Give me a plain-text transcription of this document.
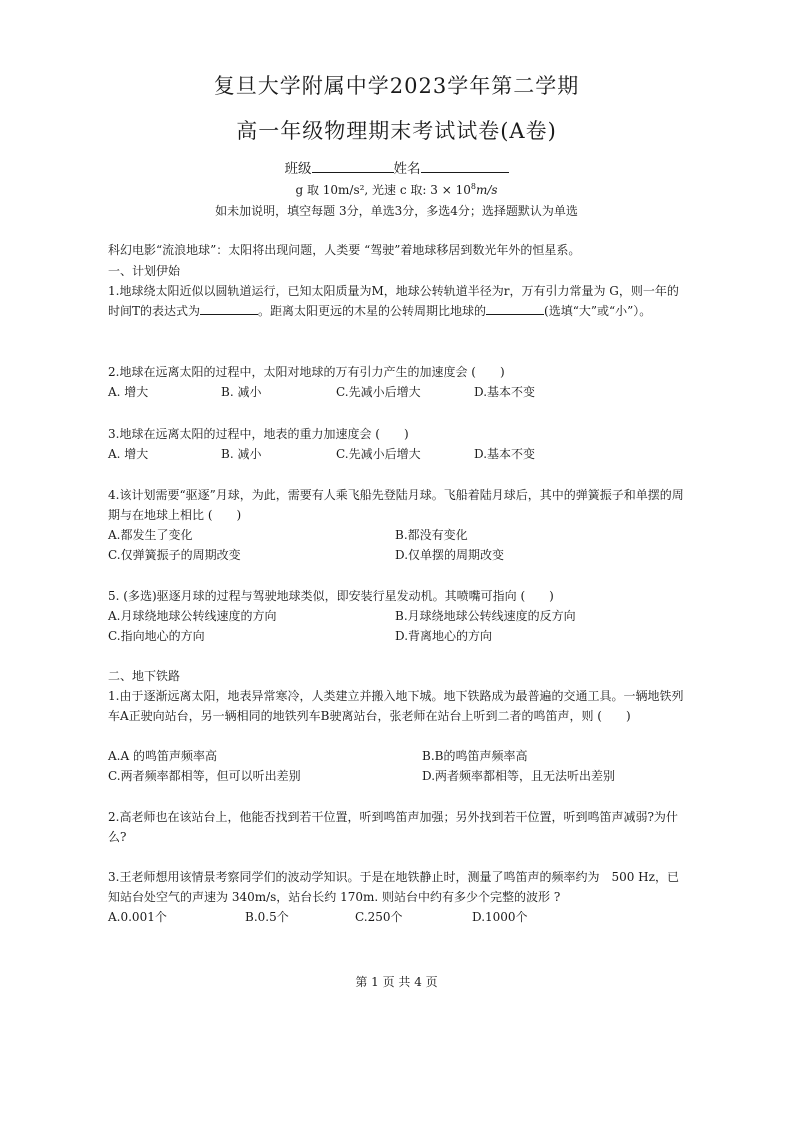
复旦大学附属中学2023学年第二学期
高一年级物理期末考试试卷(A卷)
班级	姓名
g 取 10m/s², 光速 c 取: $3 \times 10^8m/s$
如未加说明，填空每题 3分，单选3分，多选4分；选择题默认为单选
科幻电影“流浪地球”：太阳将出现问题，人类要 “驾驶”着地球移居到数光年外的恒星系。
一、计划伊始
1.地球绕太阳近似以圆轨道运行，已知太阳质量为M，地球公转轨道半径为r，万有引力常量为 G，则一年的时间T的表达式为	。距离太阳更远的木星的公转周期比地球的	(选填“大”或“小”）。
2.地球在远离太阳的过程中，太阳对地球的万有引力产生的加速度会 (　　)
A. 增大	B. 减小	C.先减小后增大	D.基本不变
3.地球在远离太阳的过程中，地表的重力加速度会 (　　)
A. 增大	B. 减小	C.先减小后增大	D.基本不变
4.该计划需要“驱逐”月球，为此，需要有人乘飞船先登陆月球。飞船着陆月球后，其中的弹簧振子和单摆的周期与在地球上相比 (　　)
A.都发生了变化	B.都没有变化
C.仅弹簧振子的周期改变	D.仅单摆的周期改变
5. (多选)驱逐月球的过程与驾驶地球类似，即安装行星发动机。其喷嘴可指向 (　　)
A.月球绕地球公转线速度的方向	B.月球绕地球公转线速度的反方向
C.指向地心的方向	D.背离地心的方向
二、地下铁路
1.由于逐渐远离太阳，地表异常寒冷，人类建立并搬入地下城。地下铁路成为最普遍的交通工具。一辆地铁列车A正驶向站台，另一辆相同的地铁列车B驶离站台，张老师在站台上听到二者的鸣笛声，则 (　　)
A.A 的鸣笛声频率高	B.B的鸣笛声频率高
C.两者频率都相等，但可以听出差别	D.两者频率都相等，且无法听出差别
2.高老师也在该站台上，他能否找到若干位置，听到鸣笛声加强；另外找到若干位置，听到鸣笛声减弱?为什么?
3.王老师想用该情景考察同学们的波动学知识。于是在地铁静止时，测量了鸣笛声的频率约为　500 Hz，已知站台处空气的声速为 340m/s，站台长约 170m. 则站台中约有多少个完整的波形 ?
A.0.001个	B.0.5个	C.250个	D.1000个
第 1 页 共 4 页
